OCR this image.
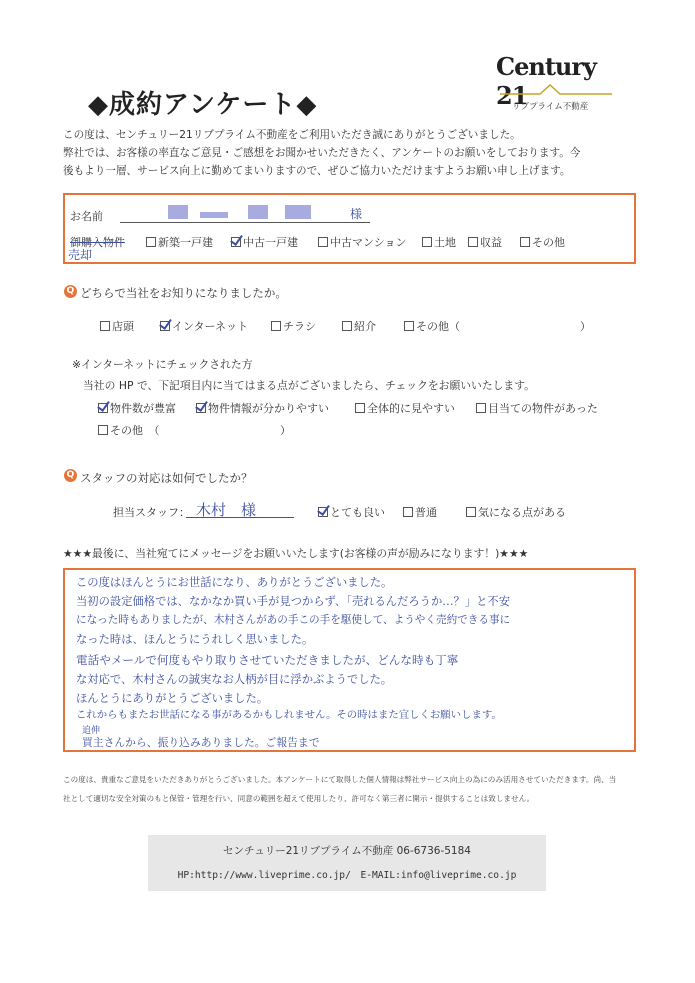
◆成約アンケート◆
Century 21
リブプライム不動産
この度は、センチュリー21リブプライム不動産をご利用いただき誠にありがとうございました。
弊社では、お客様の率直なご意見・ご感想をお聞かせいただきたく、アンケートのお願いをしております。今
後もより一層、サービス向上に勤めてまいりますので、ぜひご協力いただけますようお願い申し上げます。
お名前	様
御購入物件
売却
新築一戸建	中古一戸建	中古マンション	土地	収益	その他
Q どちらで当社をお知りになりましたか。
店頭	インターネット	チラシ	紹介	その他（	）
※インターネットにチェックされた方
当社の HP で、下記項目内に当てはまる点がございましたら、チェックをお願いいたします。
物件数が豊富	物件情報が分かりやすい	全体的に見やすい	目当ての物件があった
その他　（	）
Q スタッフの対応は如何でしたか？
担当スタッフ： 木村　様	とても良い	普通	気になる点がある
★★★最後に、当社宛てにメッセージをお願いいたします(お客様の声が励みになります！)★★★
この度はほんとうにお世話になり、ありがとうございました。
当初の設定価格では、なかなか買い手が見つからず、「売れるんだろうか…？」と不安
になった時もありましたが、木村さんがあの手この手を駆使して、ようやく売約できる事に
なった時は、ほんとうにうれしく思いました。
電話やメールで何度もやり取りさせていただきましたが、どんな時も丁寧
な対応で、木村さんの誠実なお人柄が目に浮かぶようでした。
ほんとうにありがとうございました。
これからもまたお世話になる事があるかもしれません。その時はまた宜しくお願いします。
追伸
買主さんから、振り込みありました。ご報告まで
この度は、貴重なご意見をいただきありがとうございました。本アンケートにて取得した個人情報は弊社サービス向上の為にのみ活用させていただきます。尚、当
社として適切な安全対策のもと保管・管理を行い、同意の範囲を超えて使用したり、許可なく第三者に開示・提供することは致しません。
センチュリー21リブプライム不動産 06-6736-5184
HP:http://www.liveprime.co.jp/　E-MAIL:info@liveprime.co.jp
